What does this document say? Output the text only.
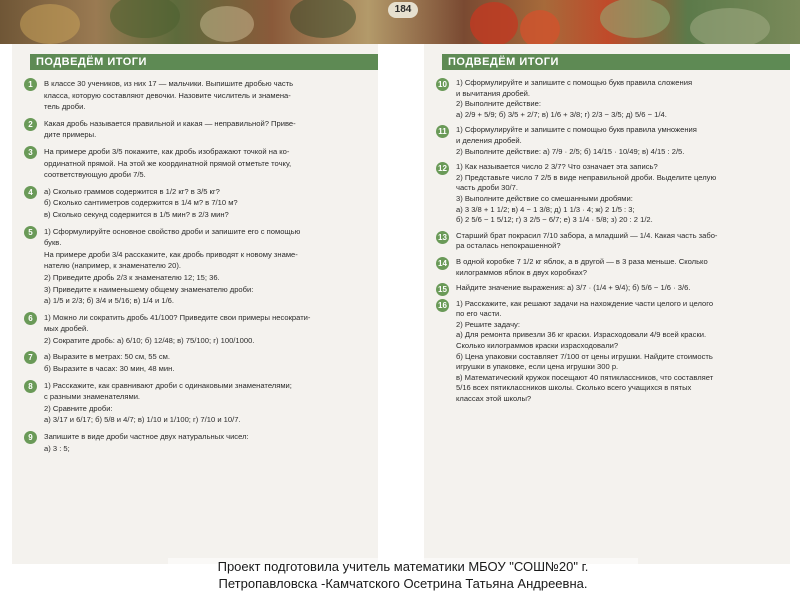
184
ПОДВЕДЁМ ИТОГИ
1	В классе 30 учеников, из них 17 — мальчики. Выпишите дробью часть
класса, которую составляют девочки. Назовите числитель и знамена-
тель дроби.
2	Какая дробь называется правильной и какая — неправильной? Приве-
дите примеры.
3	На примере дроби 3/5 покажите, как дробь изображают точкой на ко-
ординатной прямой. На этой же координатной прямой отметьте точку,
соответствующую дроби 7/5.
4	а) Сколько граммов содержится в 1/2 кг? в 3/5 кг?
б) Сколько сантиметров содержится в 1/4 м? в 7/10 м?
в) Сколько секунд содержится в 1/5 мин? в 2/3 мин?
5	1) Сформулируйте основное свойство дроби и запишите его с помощью
букв.
На примере дроби 3/4 расскажите, как дробь приводят к новому знаме-
нателю (например, к знаменателю 20).
2) Приведите дробь 2/3 к знаменателю 12; 15; 36.
3) Приведите к наименьшему общему знаменателю дроби:
а) 1/5 и 2/3; б) 3/4 и 5/16; в) 1/4 и 1/6.
6	1) Можно ли сократить дробь 41/100? Приведите свои примеры несократи-
мых дробей.
2) Сократите дробь: а) 6/10; б) 12/48; в) 75/100; г) 100/1000.
7	а) Выразите в метрах: 50 см, 55 см.
б) Выразите в часах: 30 мин, 48 мин.
8	1) Расскажите, как сравнивают дроби с одинаковыми знаменателями;
с разными знаменателями.
2) Сравните дроби:
а) 3/17 и 6/17; б) 5/8 и 4/7; в) 1/10 и 1/100; г) 7/10 и 10/7.
9	Запишите в виде дроби частное двух натуральных чисел:
а) 3 : 5;
ПОДВЕДЁМ ИТОГИ
10 1) Сформулируйте и запишите с помощью букв правила сложения
и вычитания дробей.
2) Выполните действие:
а) 2/9 + 5/9; б) 3/5 + 2/7; в) 1/6 + 3/8; г) 2/3 − 3/5; д) 5/6 − 1/4.
11 1) Сформулируйте и запишите с помощью букв правила умножения
и деления дробей.
2) Выполните действие: а) 7/9 · 2/5; б) 14/15 · 10/49; в) 4/15 : 2/5.
12 1) Как называется число 2 3/7? Что означает эта запись?
2) Представьте число 7 2/5 в виде неправильной дроби. Выделите целую
часть дроби 30/7.
3) Выполните действие со смешанными дробями:
а) 3 3/8 + 1 1/2; в) 4 − 1 3/8; д) 1 1/3 · 4; ж) 2 1/5 : 3;
б) 2 5/6 − 1 5/12; г) 3 2/5 − 6/7; е) 3 1/4 · 5/8; з) 20 : 2 1/2.
13 Старший брат покрасил 7/10 забора, а младший — 1/4. Какая часть забо-
ра осталась непокрашенной?
14 В одной коробке 7 1/2 кг яблок, а в другой — в 3 раза меньше. Сколько
килограммов яблок в двух коробках?
15 Найдите значение выражения: а) 3/7 · (1/4 + 9/4); б) 5/6 − 1/6 · 3/6.
16 1) Расскажите, как решают задачи на нахождение части целого и целого
по его части.
2) Решите задачу:
а) Для ремонта привезли 36 кг краски. Израсходовали 4/9 всей краски.
Сколько килограммов краски израсходовали?
б) Цена упаковки составляет 7/100 от цены игрушки. Найдите стоимость
игрушки в упаковке, если цена игрушки 300 р.
в) Математический кружок посещают 40 пятиклассников, что составляет
5/16 всех пятиклассников школы. Сколько всего учащихся в пятых
классах этой школы?
Проект подготовила учитель математики МБОУ "СОШ№20" г.
Петропавловска -Камчатского Осетрина Татьяна Андреевна.
